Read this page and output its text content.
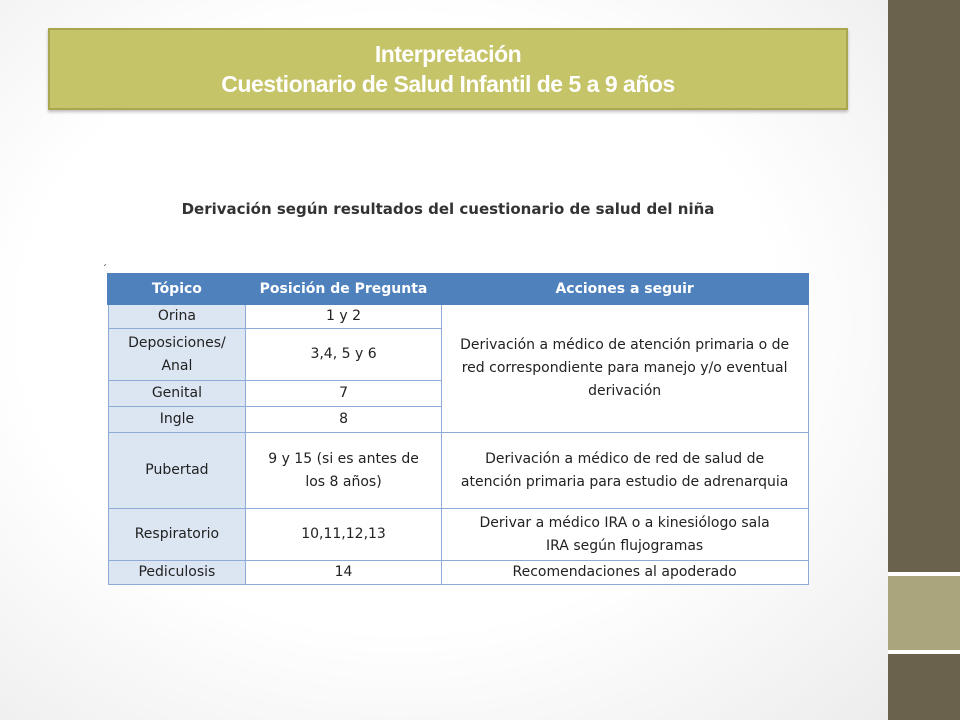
Interpretación
Cuestionario de Salud Infantil de 5 a 9 años
Derivación según resultados del cuestionario de salud del niña
´
Tópico	Posición de Pregunta	Acciones a seguir
Orina	1 y 2	Derivación a médico de atención primaria o de red correspondiente para manejo y/o eventual derivación
Deposiciones/ Anal	3,4, 5 y 6	
Genital	7	
Ingle	8	
Pubertad	9 y 15 (si es antes de los 8 años)	Derivación a médico de red de salud de atención primaria para estudio de adrenarquia
Respiratorio	10,11,12,13	Derivar a médico IRA o a kinesiólogo sala IRA según flujogramas
Pediculosis	14	Recomendaciones al apoderado
